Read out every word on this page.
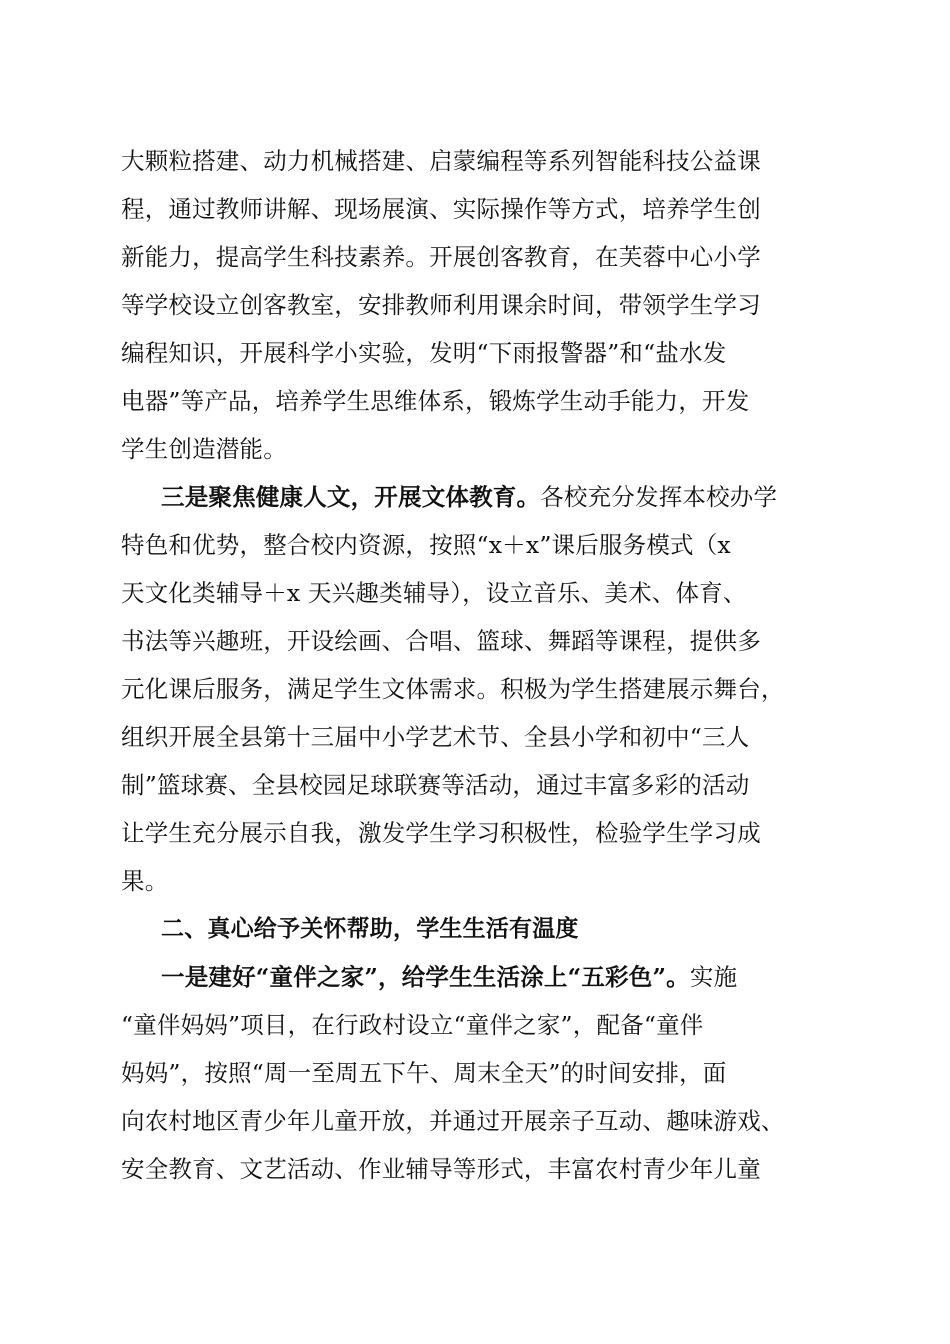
大颗粒搭建、动力机械搭建、启蒙编程等系列智能科技公益课
程，通过教师讲解、现场展演、实际操作等方式，培养学生创
新能力，提高学生科技素养。开展创客教育，在芙蓉中心小学
等学校设立创客教室，安排教师利用课余时间，带领学生学习
编程知识，开展科学小实验，发明“下雨报警器”和“盐水发
电器”等产品，培养学生思维体系，锻炼学生动手能力，开发
学生创造潜能。
三是聚焦健康人文，开展文体教育。各校充分发挥本校办学
特色和优势，整合校内资源，按照“x＋x”课后服务模式（x
天文化类辅导＋x 天兴趣类辅导），设立音乐、美术、体育、
书法等兴趣班，开设绘画、合唱、篮球、舞蹈等课程，提供多
元化课后服务，满足学生文体需求。积极为学生搭建展示舞台，
组织开展全县第十三届中小学艺术节、全县小学和初中“三人
制”篮球赛、全县校园足球联赛等活动，通过丰富多彩的活动
让学生充分展示自我，激发学生学习积极性，检验学生学习成
果。
二、真心给予关怀帮助，学生生活有温度
一是建好“童伴之家”，给学生生活涂上“五彩色”。实施
“童伴妈妈”项目，在行政村设立“童伴之家”，配备“童伴
妈妈”，按照“周一至周五下午、周末全天”的时间安排，面
向农村地区青少年儿童开放，并通过开展亲子互动、趣味游戏、
安全教育、文艺活动、作业辅导等形式，丰富农村青少年儿童
